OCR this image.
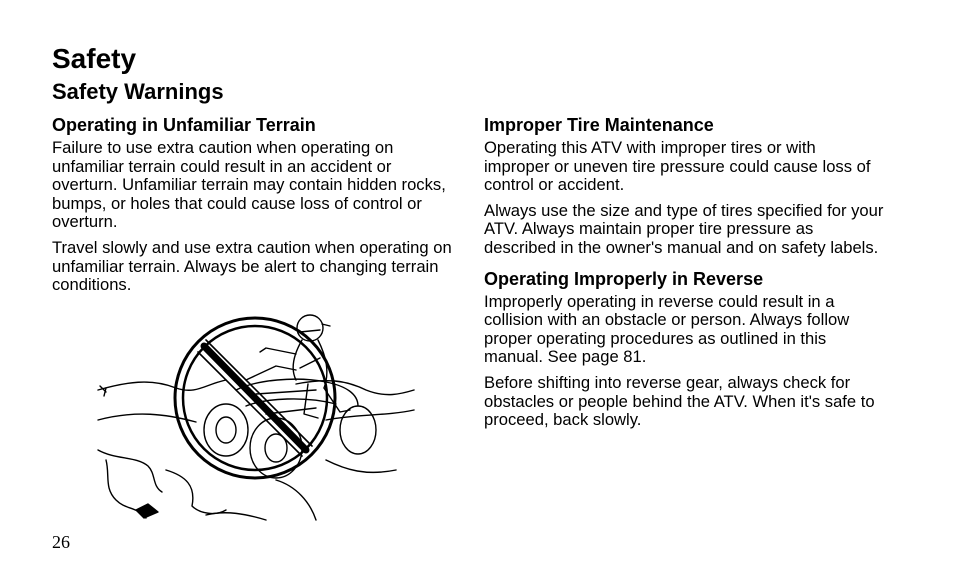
Safety
Safety Warnings
Operating in Unfamiliar Terrain

Failure to use extra caution when operating on unfamiliar terrain could result in an accident or overturn. Unfamiliar terrain may contain hidden rocks, bumps, or holes that could cause loss of control or overturn.

Travel slowly and use extra caution when operating on unfamiliar terrain. Always be alert to changing terrain conditions.

Improper Tire Maintenance

Operating this ATV with improper tires or with improper or uneven tire pressure could cause loss of control or accident.

Always use the size and type of tires specified for your ATV. Always maintain proper tire pressure as described in the owner's manual and on safety labels.

Operating Improperly in Reverse

Improperly operating in reverse could result in a collision with an obstacle or person. Always follow proper operating procedures as outlined in this manual. See page 81.

Before shifting into reverse gear, always check for obstacles or people behind the ATV. When it's safe to proceed, back slowly.

26
